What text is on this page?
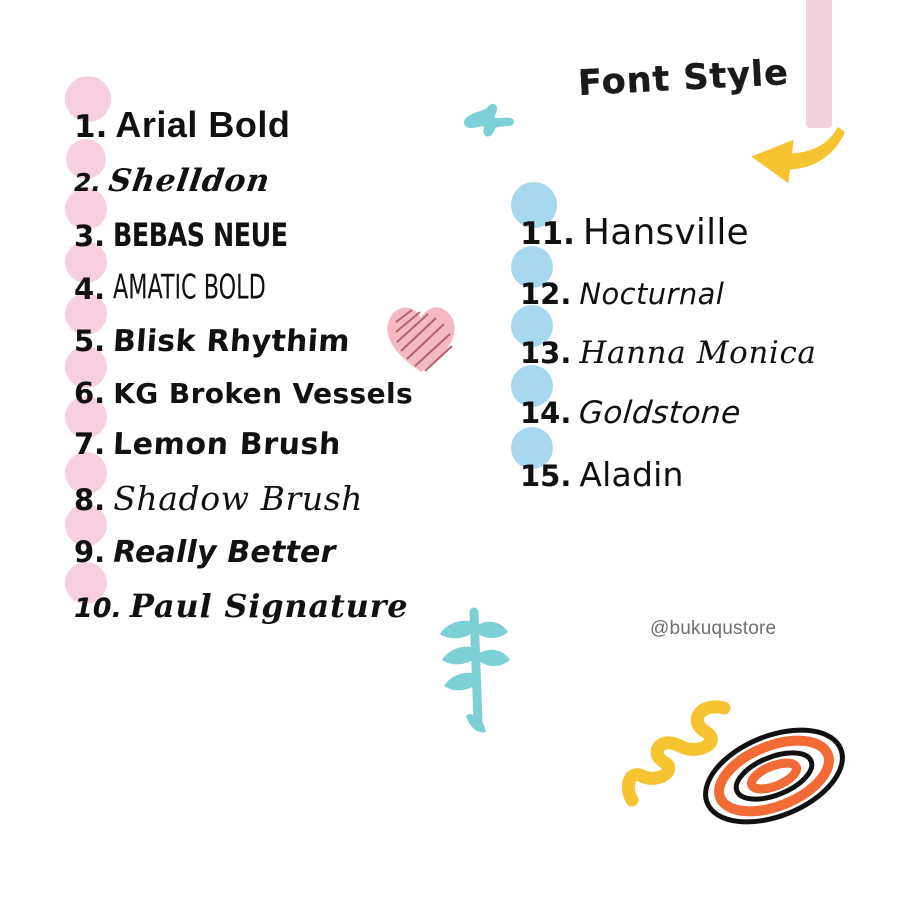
Font Style
@bukuqustore
1. Arial Bold
2. Shelldon
3. BEBAS NEUE
4. AMATIC BOLD
5. Blisk Rhythim
6. KG Broken Vessels
7. Lemon Brush
8. Shadow Brush
9. Really Better
10. Paul Signature
11. Hansville
12. Nocturnal
13. Hanna Monica
14. Goldstone
15. Aladin
